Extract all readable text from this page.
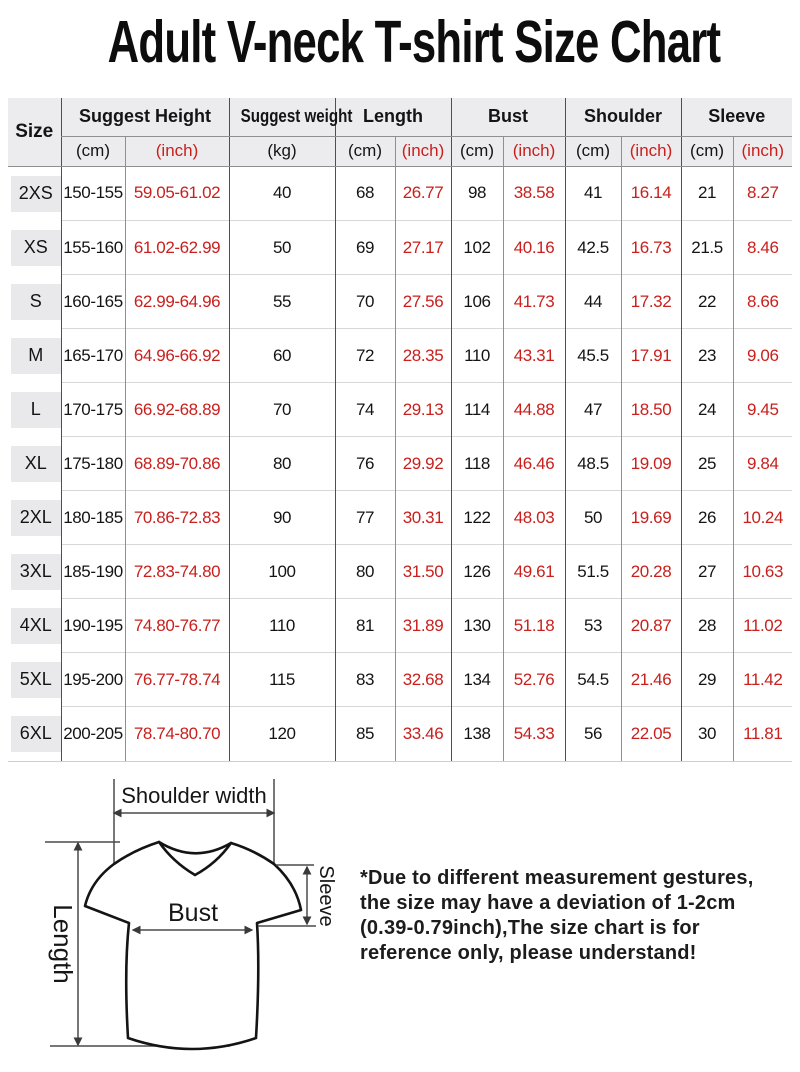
Adult V-neck T-shirt Size Chart
Size	Suggest Height		Suggest weight	Length		Bust		Shoulder		Sleeve	
	(cm)	(inch)	(kg)	(cm)	(inch)	(cm)	(inch)	(cm)	(inch)	(cm)	(inch)

2XS	150-155	59.05-61.02	40	68	26.77	98	38.58	41	16.14	21	8.27

XS	155-160	61.02-62.99	50	69	27.17	102	40.16	42.5	16.73	21.5	8.46

S	160-165	62.99-64.96	55	70	27.56	106	41.73	44	17.32	22	8.66

M	165-170	64.96-66.92	60	72	28.35	110	43.31	45.5	17.91	23	9.06

L	170-175	66.92-68.89	70	74	29.13	114	44.88	47	18.50	24	9.45

XL	175-180	68.89-70.86	80	76	29.92	118	46.46	48.5	19.09	25	9.84

2XL	180-185	70.86-72.83	90	77	30.31	122	48.03	50	19.69	26	10.24

3XL	185-190	72.83-74.80	100	80	31.50	126	49.61	51.5	20.28	27	10.63

4XL	190-195	74.80-76.77	110	81	31.89	130	51.18	53	20.87	28	11.02

5XL	195-200	76.77-78.74	115	83	32.68	134	52.76	54.5	21.46	29	11.42

6XL	200-205	78.74-80.70	120	85	33.46	138	54.33	56	22.05	30	11.81
Shoulder width
Length	Bust	Sleeve *Due to different measurement gestures,
the size may have a deviation of 1-2cm
(0.39-0.79inch),The size chart is for
reference only, please understand!
